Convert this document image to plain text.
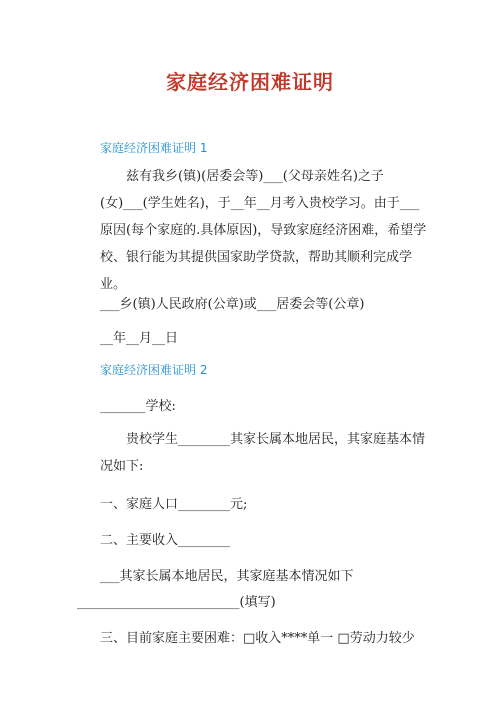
家庭经济困难证明
家庭经济困难证明 1

兹有我乡(镇)(居委会等)___(父母亲姓名)之子(女)___(学生姓名)，于__年__月考入贵校学习。由于___原因(每个家庭的.具体原因)，导致家庭经济困难，希望学校、银行能为其提供国家助学贷款，帮助其顺利完成学业。

___乡(镇)人民政府(公章)或___居委会等(公章)
__年__月__日
家庭经济困难证明 2
_______学校:

贵校学生________其家长属本地居民，其家庭基本情况如下:

一、家庭人口________元;
二、主要收入________
___其家长属本地居民，其家庭基本情况如下
_________________________(填写)
三、目前家庭主要困难：□收入****单一 □劳动力较少
